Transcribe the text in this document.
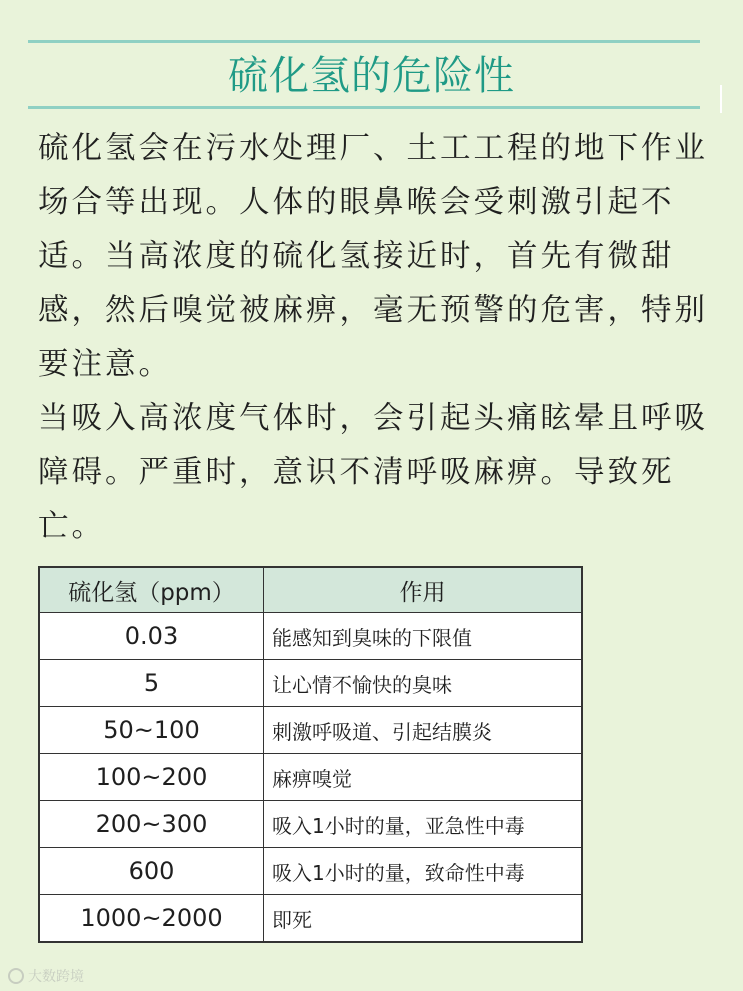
硫化氢的危险性

硫化氢会在污水处理厂、土工工程的地下作业场合等出现。人体的眼鼻喉会受刺激引起不适。当高浓度的硫化氢接近时，首先有微甜感，然后嗅觉被麻痹，毫无预警的危害，特别要注意。

当吸入高浓度气体时，会引起头痛眩晕且呼吸障碍。严重时，意识不清呼吸麻痹。导致死亡。

硫化氢（ppm）	作用
0.03	能感知到臭味的下限值
5	让心情不愉快的臭味
50~100	刺激呼吸道、引起结膜炎
100~200	麻痹嗅觉
200~300	吸入1小时的量，亚急性中毒
600	吸入1小时的量，致命性中毒
1000~2000	即死
大数跨境
